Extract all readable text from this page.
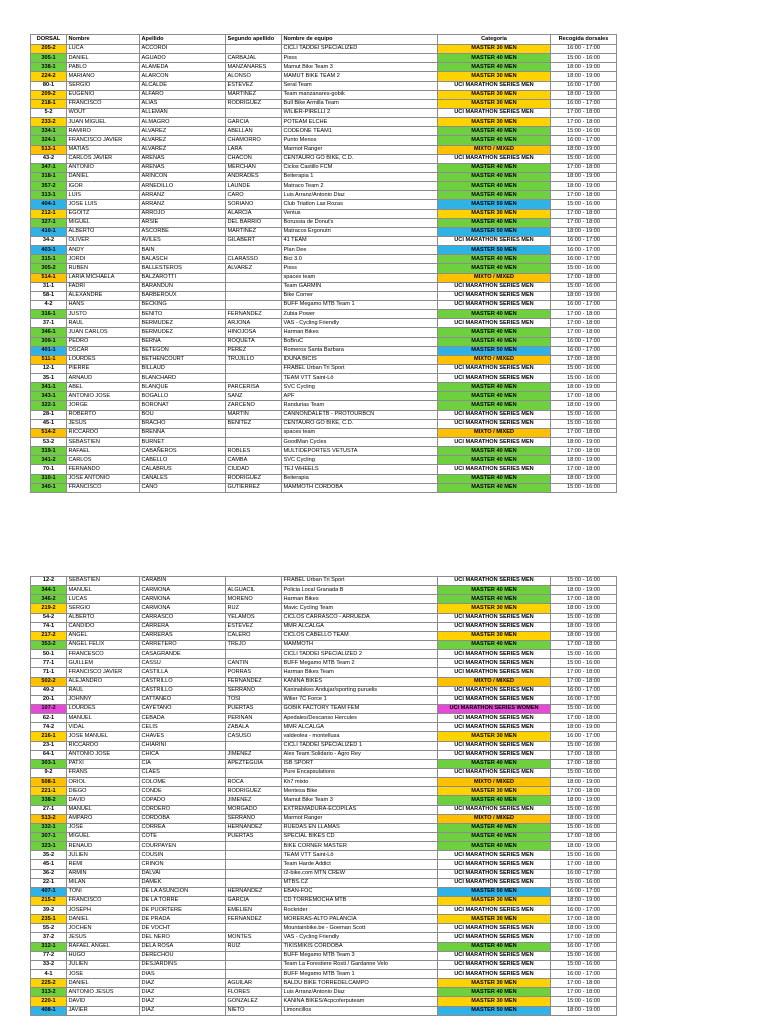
DORSAL	Nombre	Apellido	Segundo apellido	Nombre de equipo	Categoria	Recogida dorsales
205-2	LUCA	ACCORDI		CICLI TADDEI SPECIALIZED	MASTER 30 MEN	16:00 - 17:00
305-1	DANIEL	AGUADO	CARBAJAL	Pisss	MASTER 40 MEN	15:00 - 16:00
338-1	PABLO	ALAMEDA	MANZANARES	Mamut Bike Team 3	MASTER 40 MEN	18:00 - 19:00
224-2	MARIANO	ALARCON	ALONSO	MAMUT BIKE TEAM 2	MASTER 30 MEN	18:00 - 19:00
80-1	SERGIO	ALCALDE	ESTEVEZ	Seral Team	UCI MARATHON SERIES MEN	16:00 - 17:00
209-2	EUGENIO	ALFARO	MARTINEZ	Team manzanares-gobik	MASTER 30 MEN	18:00 - 19:00
218-1	FRANCISCO	ALIAS	RODRIGUEZ	Bull Bike Armilla Team	MASTER 30 MEN	16:00 - 17:00
5-2	WOUT	ALLEMAN		WILIER-PIRELLI 2	UCI MARATHON SERIES MEN	17:00 - 18:00
233-2	JUAN MIGUEL	ALMAGRO	GARCIA	POTEAM ELCHE	MASTER 30 MEN	17:00 - 18:00
334-1	RAMIRO	ALVAREZ	ABELLAN	CODEONE TEAM1	MASTER 40 MEN	15:00 - 16:00
324-1	FRANCISCO JAVIER	ALVAREZ	CHAMORRO	Punto Menos	MASTER 40 MEN	16:00 - 17:00
513-1	MATIAS	ALVAREZ	LARA	Marmot Ranger	MIXTO / MIXED	18:00 - 19:00
43-2	CARLOS JAVIER	ARENAS	CHACON	CENTAURO GO BIKE, C.D.	UCI MARATHON SERIES MEN	15:00 - 16:00
347-1	ANTONIO	ARENAS	MERCHAN	Ciclos Castillo FCM	MASTER 40 MEN	17:00 - 18:00
318-1	DANIEL	ARINCON	ANDRADES	Beiterapia 1	MASTER 40 MEN	18:00 - 19:00
357-2	IGOR	ARNEDILLO	LAUNDE	Matraco Team 2	MASTER 40 MEN	18:00 - 19:00
313-1	LUIS	ARRANZ	CARO	Luis Arranz/Antonio Diaz	MASTER 40 MEN	17:00 - 18:00
404-1	JOSE LUIS	ARRANZ	SORIANO	Club Triatlon Las Rozas	MASTER 50 MEN	15:00 - 16:00
212-1	EGOITZ	ARROJO	ALARCIA	Ventus	MASTER 30 MEN	17:00 - 18:00
327-1	MIGUEL	ARSIE	DEL BARRIO	Borussia de Donut's	MASTER 40 MEN	17:00 - 18:00
410-1	ALBERTO	ASCORBE	MARTINEZ	Matracos Ergonutri	MASTER 50 MEN	18:00 - 19:00
34-2	OLIVER	AVILES	GILABERT	41 TEAM	UCI MARATHON SERIES MEN	16:00 - 17:00
403-1	ANDY	BAIN		Plan Dee	MASTER 50 MEN	16:00 - 17:00
315-1	JORDI	BALASCH	CLARASSO	Bici 3.0	MASTER 40 MEN	16:00 - 17:00
305-2	RUBEN	BALLESTEROS	ALVAREZ	Pisss	MASTER 40 MEN	15:00 - 16:00
514-1	LARIA MICHAELA	BALZAROTTI		spaces team	MIXTO / MIXED	17:00 - 18:00
31-1	FADRI	BARANDUN		Team GARMIN	UCI MARATHON SERIES MEN	15:00 - 16:00
58-1	ALEXANDRE	BARBEROUX		Bike Corner	UCI MARATHON SERIES MEN	18:00 - 19:00
4-2	HANS	BECKING		BUFF Megamo MTB Team 1	UCI MARATHON SERIES MEN	16:00 - 17:00
316-1	JUSTO	BENITO	FERNANDEZ	Zubia Power	MASTER 40 MEN	17:00 - 18:00
37-1	RAUL	BERMUDEZ	ARJONA	VAS - Cycling Friendly	UCI MARATHON SERIES MEN	17:00 - 18:00
346-1	JUAN CARLOS	BERMUDEZ	HINOJOSA	Harman Bikes	MASTER 40 MEN	17:00 - 18:00
309-1	PEDRO	BERNA	ROQUETA	BoBruC	MASTER 40 MEN	16:00 - 17:00
401-1	OSCAR	BETEGON	PEREZ	Romeros Santa Barbara	MASTER 50 MEN	16:00 - 17:00
511-1	LOURDES	BETHENCOURT	TRUJILLO	IDUNA BICIS	MIXTO / MIXED	17:00 - 18:00
12-1	PIERRE	BILLAUD		FRABEL Urban Tri Sport	UCI MARATHON SERIES MEN	15:00 - 16:00
35-1	ARNAUD	BLANCHARD		TEAM VTT Saint-Lô	UCI MARATHON SERIES MEN	15:00 - 16:00
341-1	ABEL	BLANQUE	PARCERISA	SVC Cycling	MASTER 40 MEN	18:00 - 19:00
343-1	ANTONIO JOSE	BOGALLO	SANZ	APF	MASTER 40 MEN	17:00 - 18:00
322-1	JORGE	BORONAT	ZARCENO	Randurias Team	MASTER 40 MEN	18:00 - 19:00
28-1	ROBERTO	BOU	MARTIN	CANNONDALETB - PROTOURBCN	UCI MARATHON SERIES MEN	15:00 - 16:00
45-1	JESUS	BRACHO	BENITEZ	CENTAURO GO BIKE, C.D.	UCI MARATHON SERIES MEN	15:00 - 16:00
514-2	RICCARDO	BRENNA		spaces team	MIXTO / MIXED	17:00 - 18:00
53-2	SEBASTIEN	BURNET		GoodMan Cycles	UCI MARATHON SERIES MEN	18:00 - 19:00
319-1	RAFAEL	CABAÑEROS	ROBLES	MULTIDEPORTES VETUSTA	MASTER 40 MEN	17:00 - 18:00
341-2	CARLOS	CABELLO	CAMBA	SVC Cycling	MASTER 40 MEN	18:00 - 19:00
70-1	FERNANDO	CALABRUS	CIUDAD	TEJ WHEELS	UCI MARATHON SERIES MEN	17:00 - 18:00
310-1	JOSE ANTONIO	CANALES	RODRIGUEZ	Beiterapia	MASTER 40 MEN	18:00 - 19:00
340-1	FRANCISCO	CANO	GUTIERREZ	MAMMOTH CORDOBA	MASTER 40 MEN	15:00 - 16:00
12-2	SEBASTIEN	CARABIN		FRABEL Urban Tri Sport	UCI MARATHON SERIES MEN	15:00 - 16:00
344-1	MANUEL	CARMONA	ALGUACIL	Policia Local Granada B	MASTER 40 MEN	18:00 - 19:00
346-2	LUCAS	CARMONA	MORENO	Harman Bikes	MASTER 40 MEN	17:00 - 18:00
219-2	SERGIO	CARMONA	RUZ	Mavic Cycling Team	MASTER 30 MEN	18:00 - 19:00
54-2	ALBERTO	CARRASCO	YELAMOS	CICLOS CARRASCO - ARRUEDA	UCI MARATHON SERIES MEN	15:00 - 16:00
74-1	CANDIDO	CARRERA	ESTEVEZ	MMR ALCALGA	UCI MARATHON SERIES MEN	18:00 - 19:00
217-2	ANGEL	CARRERAS	CALERO	CICLOS CABELLO TEAM	MASTER 30 MEN	18:00 - 19:00
353-2	ANGEL FELIX	CARRETERO	TREJO	MAMMOTH	MASTER 40 MEN	17:00 - 18:00
50-1	FRANCESCO	CASAGRANDE		CICLI TADDEI SPECIALIZED 2	UCI MARATHON SERIES MEN	15:00 - 16:00
77-1	GUILLEM	CASSU	CANTIN	BUFF Megamo MTB Team 2	UCI MARATHON SERIES MEN	15:00 - 16:00
71-1	FRANCISCO JAVIER	CASTILLA	PORRAS	Harman Bikes Team	UCI MARATHON SERIES MEN	17:00 - 18:00
502-2	ALEJANDRO	CASTRILLO	FERNANDEZ	KANINA BIKES	MIXTO / MIXED	17:00 - 18:00
49-2	RAUL	CASTRILLO	SERRANO	Kaninabikes Andujar/sporting puruelis	UCI MARATHON SERIES MEN	16:00 - 17:00
20-1	JOHNNY	CATTANEO	TOSI	Wilier 7C Force 1	UCI MARATHON SERIES MEN	16:00 - 17:00
107-2	LOURDES	CAYETANO	PUERTAS	GOBIK FACTORY TEAM FEM	UCI MARATHON SERIES WOMEN	15:00 - 16:00
62-1	MANUEL	CEBADA	PERINAN	Apedales/Descanso Hercules	UCI MARATHON SERIES MEN	17:00 - 18:00
74-2	VIDAL	CELIS	ZABALA	MMR ALCALGA	UCI MARATHON SERIES MEN	18:00 - 19:00
216-1	JOSE MANUEL	CHAVES	CASUSO	valdeolea - montellusa	MASTER 30 MEN	16:00 - 17:00
23-1	RICCARDO	CHIARINI		CICLI TADDEI SPECIALIZED 1	UCI MARATHON SERIES MEN	15:00 - 16:00
64-1	ANTONIO JOSE	CHICA	JIMENEZ	Alex Team Solidario - Agro Rey	UCI MARATHON SERIES MEN	17:00 - 18:00
303-1	PATXI	CIA	APEZTEGUIA	ISB SPORT	MASTER 40 MEN	17:00 - 18:00
9-2	FRANS	CLAES		Pure Encapsulations	UCI MARATHON SERIES MEN	15:00 - 16:00
508-1	ORIOL	COLOME	ROCA	Kh7 mixto	MIXTO / MIXED	18:00 - 19:00
221-1	DIEGO	CONDE	RODRIGUEZ	Mentesa Bike	MASTER 30 MEN	17:00 - 18:00
338-2	DAVID	COPADO	JIMENEZ	Mamut Bike Team 3	MASTER 40 MEN	18:00 - 19:00
27-1	MANUEL	CORDERO	MORGADO	EXTREMADURA-ECOPILAS	UCI MARATHON SERIES MEN	15:00 - 16:00
513-2	AMPARO	CORDOBA	SERRANO	Marmot Ranger	MIXTO / MIXED	18:00 - 19:00
332-1	JOSE	CORREA	HERNANDEZ	RUEDAS EN LLAMAS	MASTER 40 MEN	15:00 - 16:00
307-1	MIGUEL	COTE	PUERTAS	SPECIAL BIKES CD	MASTER 40 MEN	17:00 - 18:00
323-1	RENAUD	COURPAYEN		BIKE CORNER MASTER	MASTER 40 MEN	18:00 - 19:00
35-2	JULIEN	COUSIN		TEAM VTT Saint-Lô	UCI MARATHON SERIES MEN	15:00 - 16:00
45-1	REMI	CRINON		Team Harde Addict	UCI MARATHON SERIES MEN	17:00 - 18:00
36-2	ARMIN	DALVAI		r2-bike.com MTN CREW	UCI MARATHON SERIES MEN	16:00 - 17:00
22-1	MILAN	DAMEK		MTBS.CZ	UCI MARATHON SERIES MEN	15:00 - 16:00
407-1	TONI	DE LA ASUNCION	HERNANDEZ	EBAN-FOC	MASTER 50 MEN	16:00 - 17:00
215-2	FRANCISCO	DE LA TORRE	GARCIA	CD TORREMOCHA MTB	MASTER 30 MEN	18:00 - 19:00
39-2	JOSEPH	DE PUORTERE	EMELIEN	Rockrider	UCI MARATHON SERIES MEN	16:00 - 17:00
235-1	DANIEL	DE PRADA	FERNANDEZ	MORERAS-ALTO PALANCIA	MASTER 30 MEN	17:00 - 18:00
55-2	JOCHEN	DE VOCHT		Mountainbike.be - Goeman Scott	UCI MARATHON SERIES MEN	18:00 - 19:00
37-2	JESUS	DEL NERO	MONTES	VAS - Cycling Friendly	UCI MARATHON SERIES MEN	17:00 - 18:00
312-1	RAFAEL ANGEL	DELA ROSA	RUIZ	TIKISMIKIS CORDOBA	MASTER 40 MEN	16:00 - 17:00
77-2	HUGO	DERECHOU		BUFF Megamo MTB Team 3	UCI MARATHON SERIES MEN	15:00 - 16:00
33-2	JULIEN	DESJARDINS		Team La Forestiere Rosti / Gardanne Velo	UCI MARATHON SERIES MEN	15:00 - 16:00
4-1	JOSE	DIAS		BUFF Megamo MTB Team 1	UCI MARATHON SERIES MEN	16:00 - 17:00
225-2	DANIEL	DIAZ	AGUILAR	BALDU BIKE TORREDELCAMPO	MASTER 30 MEN	17:00 - 18:00
313-2	ANTONIO JESUS	DIAZ	FLORES	Luis Arranz/Antonio Diaz	MASTER 40 MEN	17:00 - 18:00
220-1	DAVID	DIAZ	GONZALEZ	KANINA BIKES/Acpcoferputeam	MASTER 30 MEN	15:00 - 16:00
408-1	JAVIER	DIAZ	NIETO	Limoncillos	MASTER 50 MEN	18:00 - 19:00
